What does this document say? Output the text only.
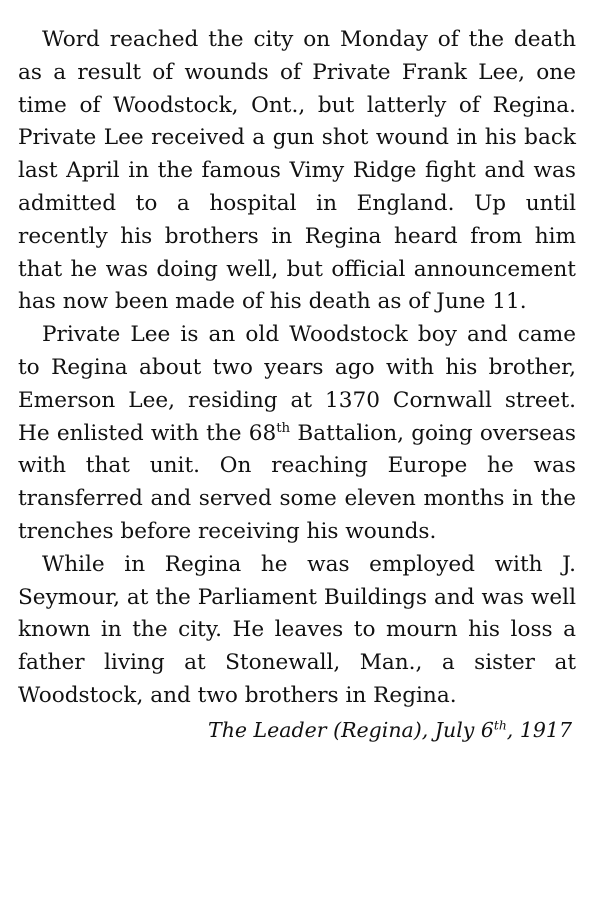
Word reached the city on Monday of the death as a result of wounds of Private Frank Lee, one time of Woodstock, Ont., but latterly of Regina. Private Lee received a gun shot wound in his back last April in the famous Vimy Ridge fight and was admitted to a hospital in England. Up until recently his brothers in Regina heard from him that he was doing well, but official announcement has now been made of his death as of June 11.

Private Lee is an old Woodstock boy and came to Regina about two years ago with his brother, Emerson Lee, residing at 1370 Cornwall street. He enlisted with the 68th Battalion, going overseas with that unit. On reaching Europe he was transferred and served some eleven months in the trenches before receiving his wounds.

While in Regina he was employed with J. Seymour, at the Parliament Buildings and was well known in the city. He leaves to mourn his loss a father living at Stonewall, Man., a sister at Woodstock, and two brothers in Regina.

The Leader (Regina), July 6th, 1917
